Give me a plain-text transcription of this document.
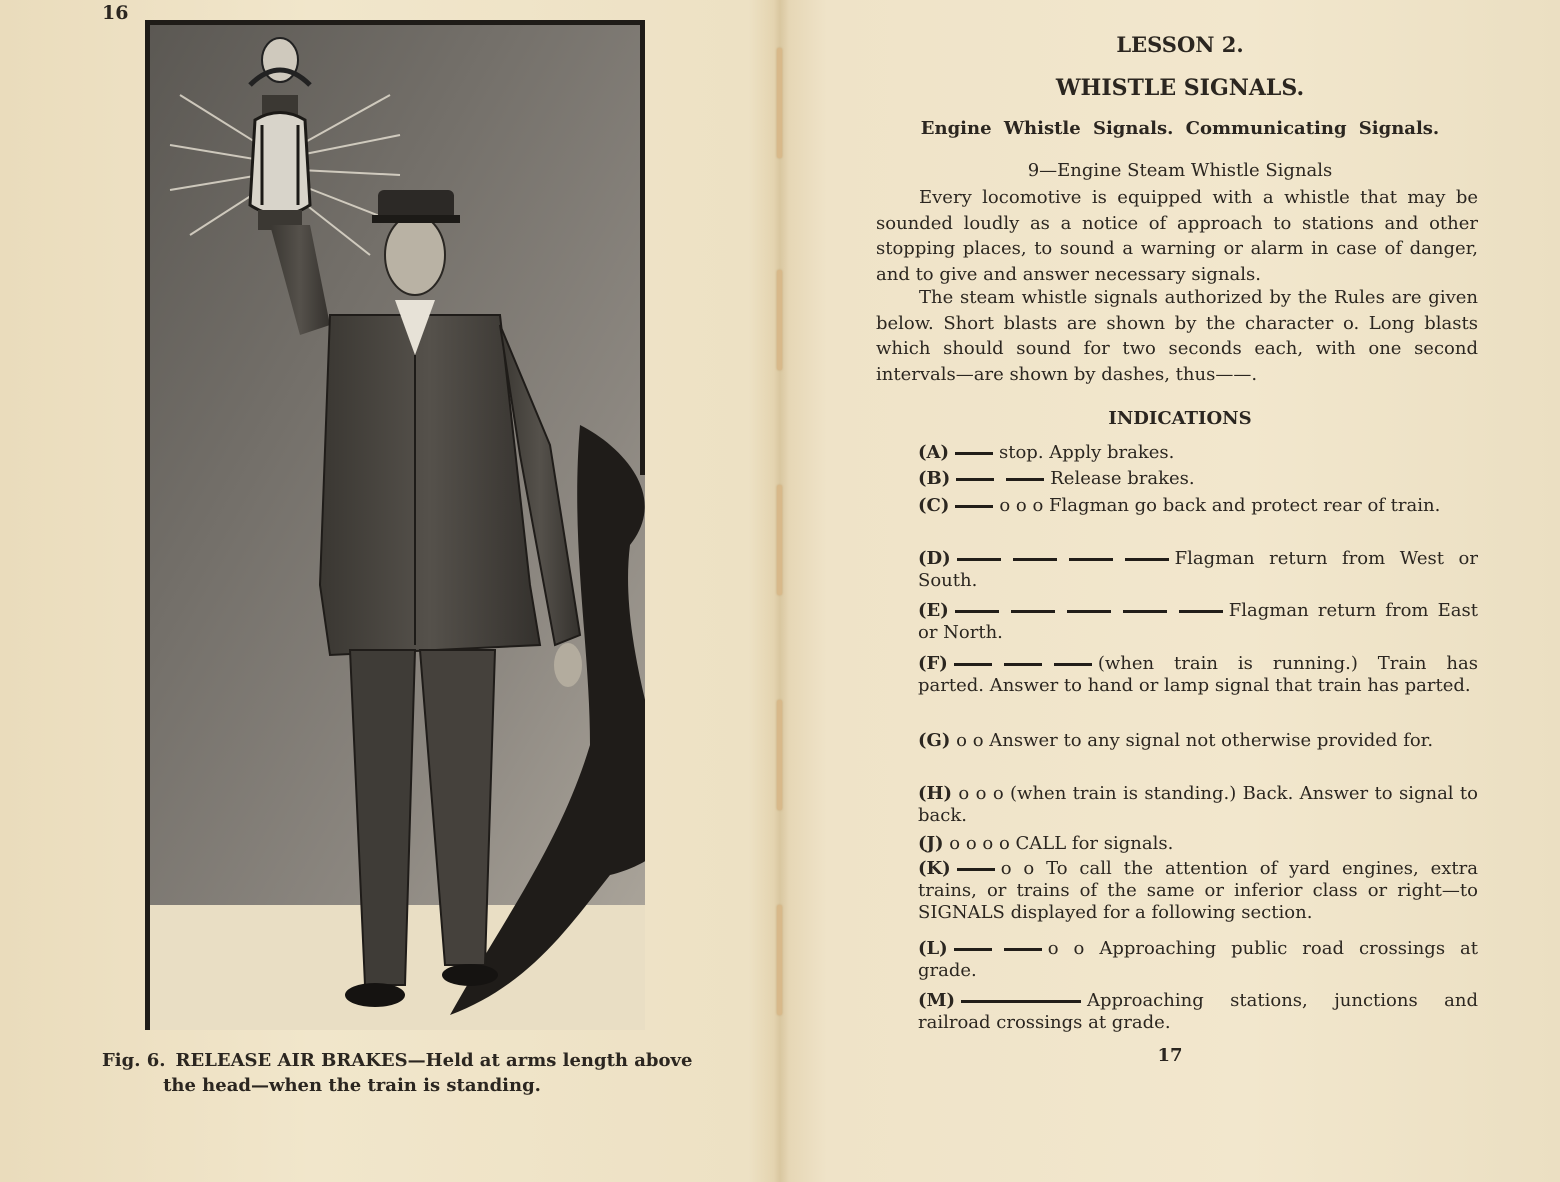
16
Fig. 6. RELEASE AIR BRAKES—Held at arms length above
the head—when the train is standing.
LESSON 2.
WHISTLE SIGNALS.
Engine Whistle Signals. Communicating Signals.
9—Engine Steam Whistle Signals

Every locomotive is equipped with a whistle that may be sounded loudly as a notice of approach to stations and other stopping places, to sound a warning or alarm in case of danger, and to give and answer necessary signals.

The steam whistle signals authorized by the Rules are given below. Short blasts are shown by the character o. Long blasts which should sound for two seconds each, with one second intervals—are shown by dashes, thus——.

INDICATIONS
(A)	stop. Apply brakes.
(B)	Release brakes.
(C)	o o o Flagman go back and protect rear of train.
(D)	Flagman return from West or South.
(E)	Flagman return from East or North.
(F)	(when train is running.) Train has parted. Answer to hand or lamp signal that train has parted.
(G) o o Answer to any signal not otherwise provided for.
(H) o o o (when train is standing.) Back. Answer to signal to back.
(J) o o o o CALL for signals.
(K)	o o To call the attention of yard engines, extra trains, or trains of the same or inferior class or right—to SIGNALS displayed for a following section.
(L)	o o Approaching public road crossings at grade.
(M)	Approaching stations, junctions and railroad crossings at grade.
17
